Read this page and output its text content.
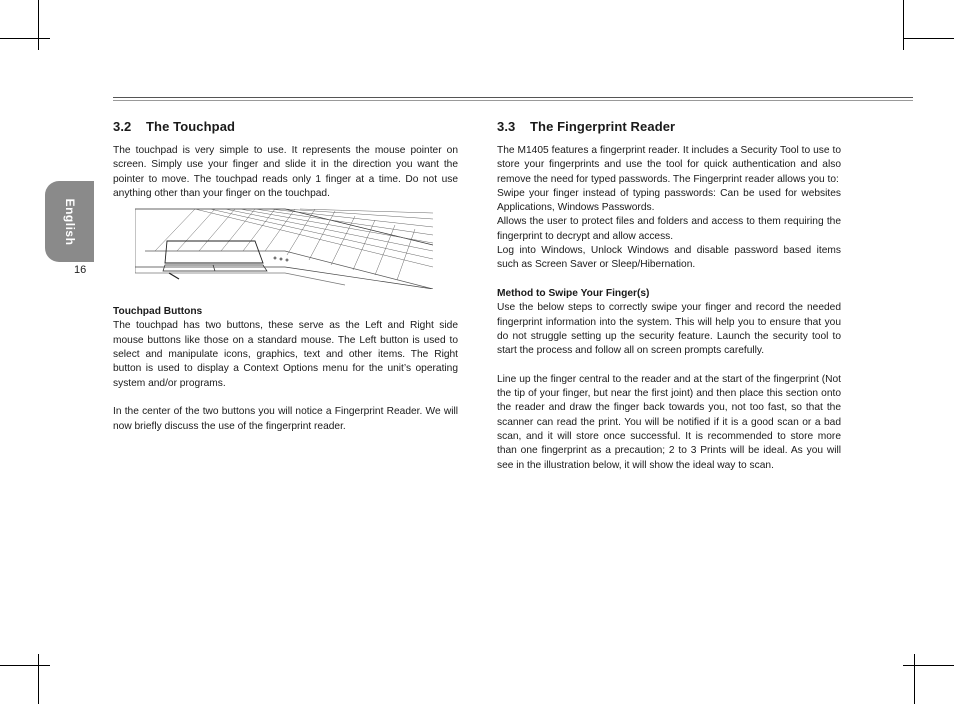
English
16
3.2 The Touchpad

The touchpad is very simple to use. It represents the mouse pointer on screen. Simply use your finger and slide it in the direction you want the pointer to move. The touchpad reads only 1 finger at a time. Do not use anything other than your finger on the touchpad.

Touchpad Buttons

The touchpad has two buttons, these serve as the Left and Right side mouse buttons like those on a standard mouse. The Left button is used to select and manipulate icons, graphics, text and other items. The Right button is used to display a Context Options menu for the unit’s operating system and/or programs.

In the center of the two buttons you will notice a Fingerprint Reader. We will now briefly discuss the use of the fingerprint reader.

3.3 The Fingerprint Reader

The M1405 features a fingerprint reader. It includes a Security Tool to use to store your fingerprints and use the tool for quick authentication and also remove the need for typed passwords. The Fingerprint reader allows you to:

Swipe your finger instead of typing passwords: Can be used for websites Applications, Windows Passwords.

Allows the user to protect files and folders and access to them requiring the fingerprint to decrypt and allow access.

Log into Windows, Unlock Windows and disable password based items such as Screen Saver or Sleep/Hibernation.

Method to Swipe Your Finger(s)

Use the below steps to correctly swipe your finger and record the needed fingerprint information into the system. This will help you to ensure that you do not struggle setting up the security feature. Launch the security tool to start the process and follow all on screen prompts carefully.

Line up the finger central to the reader and at the start of the fingerprint (Not the tip of your finger, but near the first joint) and then place this section onto the reader and draw the finger back towards you, not too fast, so that the scanner can read the print. You will be notified if it is a good scan or a bad scan, and it will store once successful. It is recommended to store more than one fingerprint as a precaution; 2 to 3 Prints will be ideal. As you will see in the illustration below, it will show the ideal way to scan.
